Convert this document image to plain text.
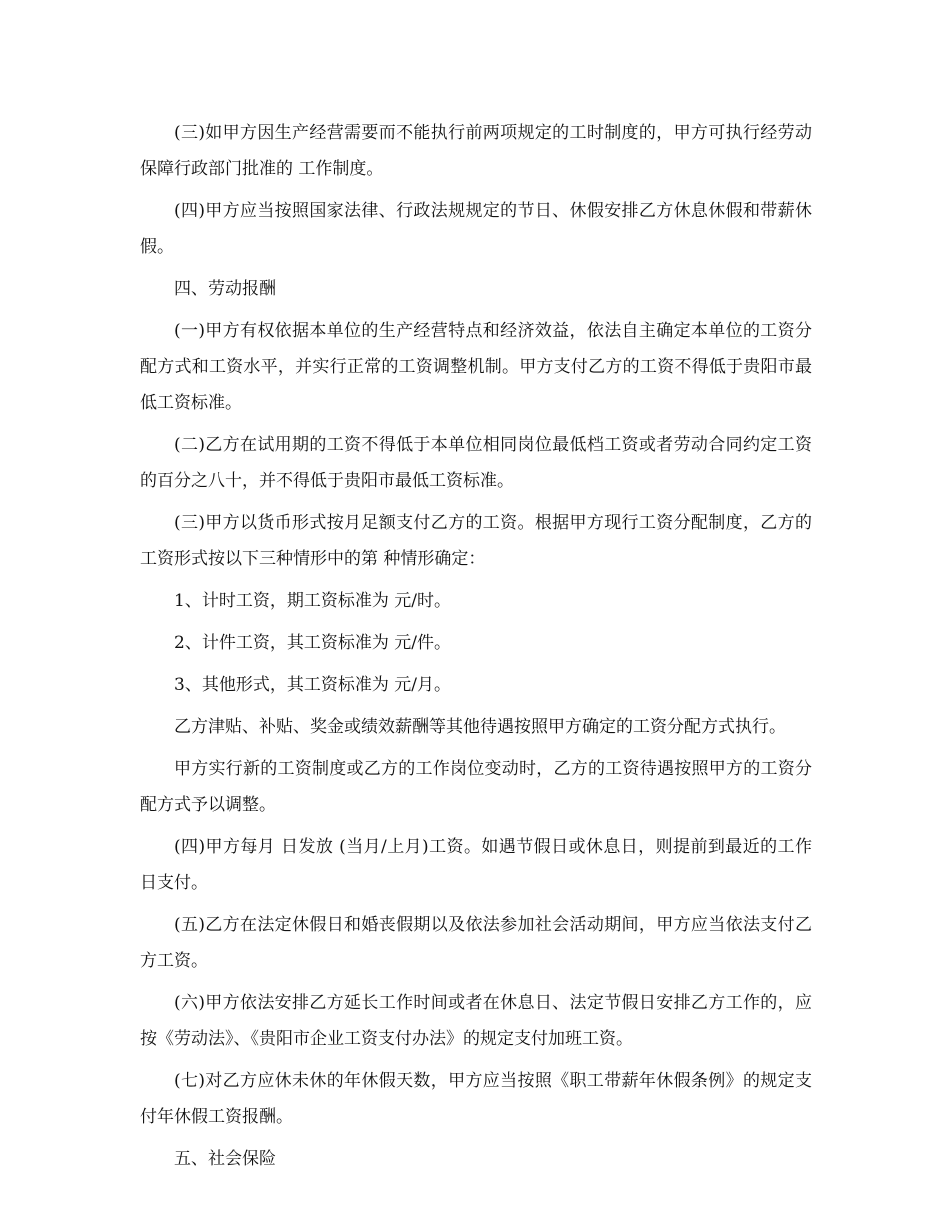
(三)如甲方因生产经营需要而不能执行前两项规定的工时制度的，甲方可执行经劳动保障行政部门批准的 工作制度。

(四)甲方应当按照国家法律、行政法规规定的节日、休假安排乙方休息休假和带薪休假。

四、劳动报酬

(一)甲方有权依据本单位的生产经营特点和经济效益，依法自主确定本单位的工资分配方式和工资水平，并实行正常的工资调整机制。甲方支付乙方的工资不得低于贵阳市最低工资标准。

(二)乙方在试用期的工资不得低于本单位相同岗位最低档工资或者劳动合同约定工资的百分之八十，并不得低于贵阳市最低工资标准。

(三)甲方以货币形式按月足额支付乙方的工资。根据甲方现行工资分配制度，乙方的工资形式按以下三种情形中的第 种情形确定：

1、计时工资，期工资标准为 元/时。

2、计件工资，其工资标准为 元/件。

3、其他形式，其工资标准为 元/月。

乙方津贴、补贴、奖金或绩效薪酬等其他待遇按照甲方确定的工资分配方式执行。

甲方实行新的工资制度或乙方的工作岗位变动时，乙方的工资待遇按照甲方的工资分配方式予以调整。

(四)甲方每月 日发放 (当月/上月)工资。如遇节假日或休息日，则提前到最近的工作日支付。

(五)乙方在法定休假日和婚丧假期以及依法参加社会活动期间，甲方应当依法支付乙方工资。

(六)甲方依法安排乙方延长工作时间或者在休息日、法定节假日安排乙方工作的，应按《劳动法》、《贵阳市企业工资支付办法》的规定支付加班工资。

(七)对乙方应休未休的年休假天数，甲方应当按照《职工带薪年休假条例》的规定支付年休假工资报酬。

五、社会保险
